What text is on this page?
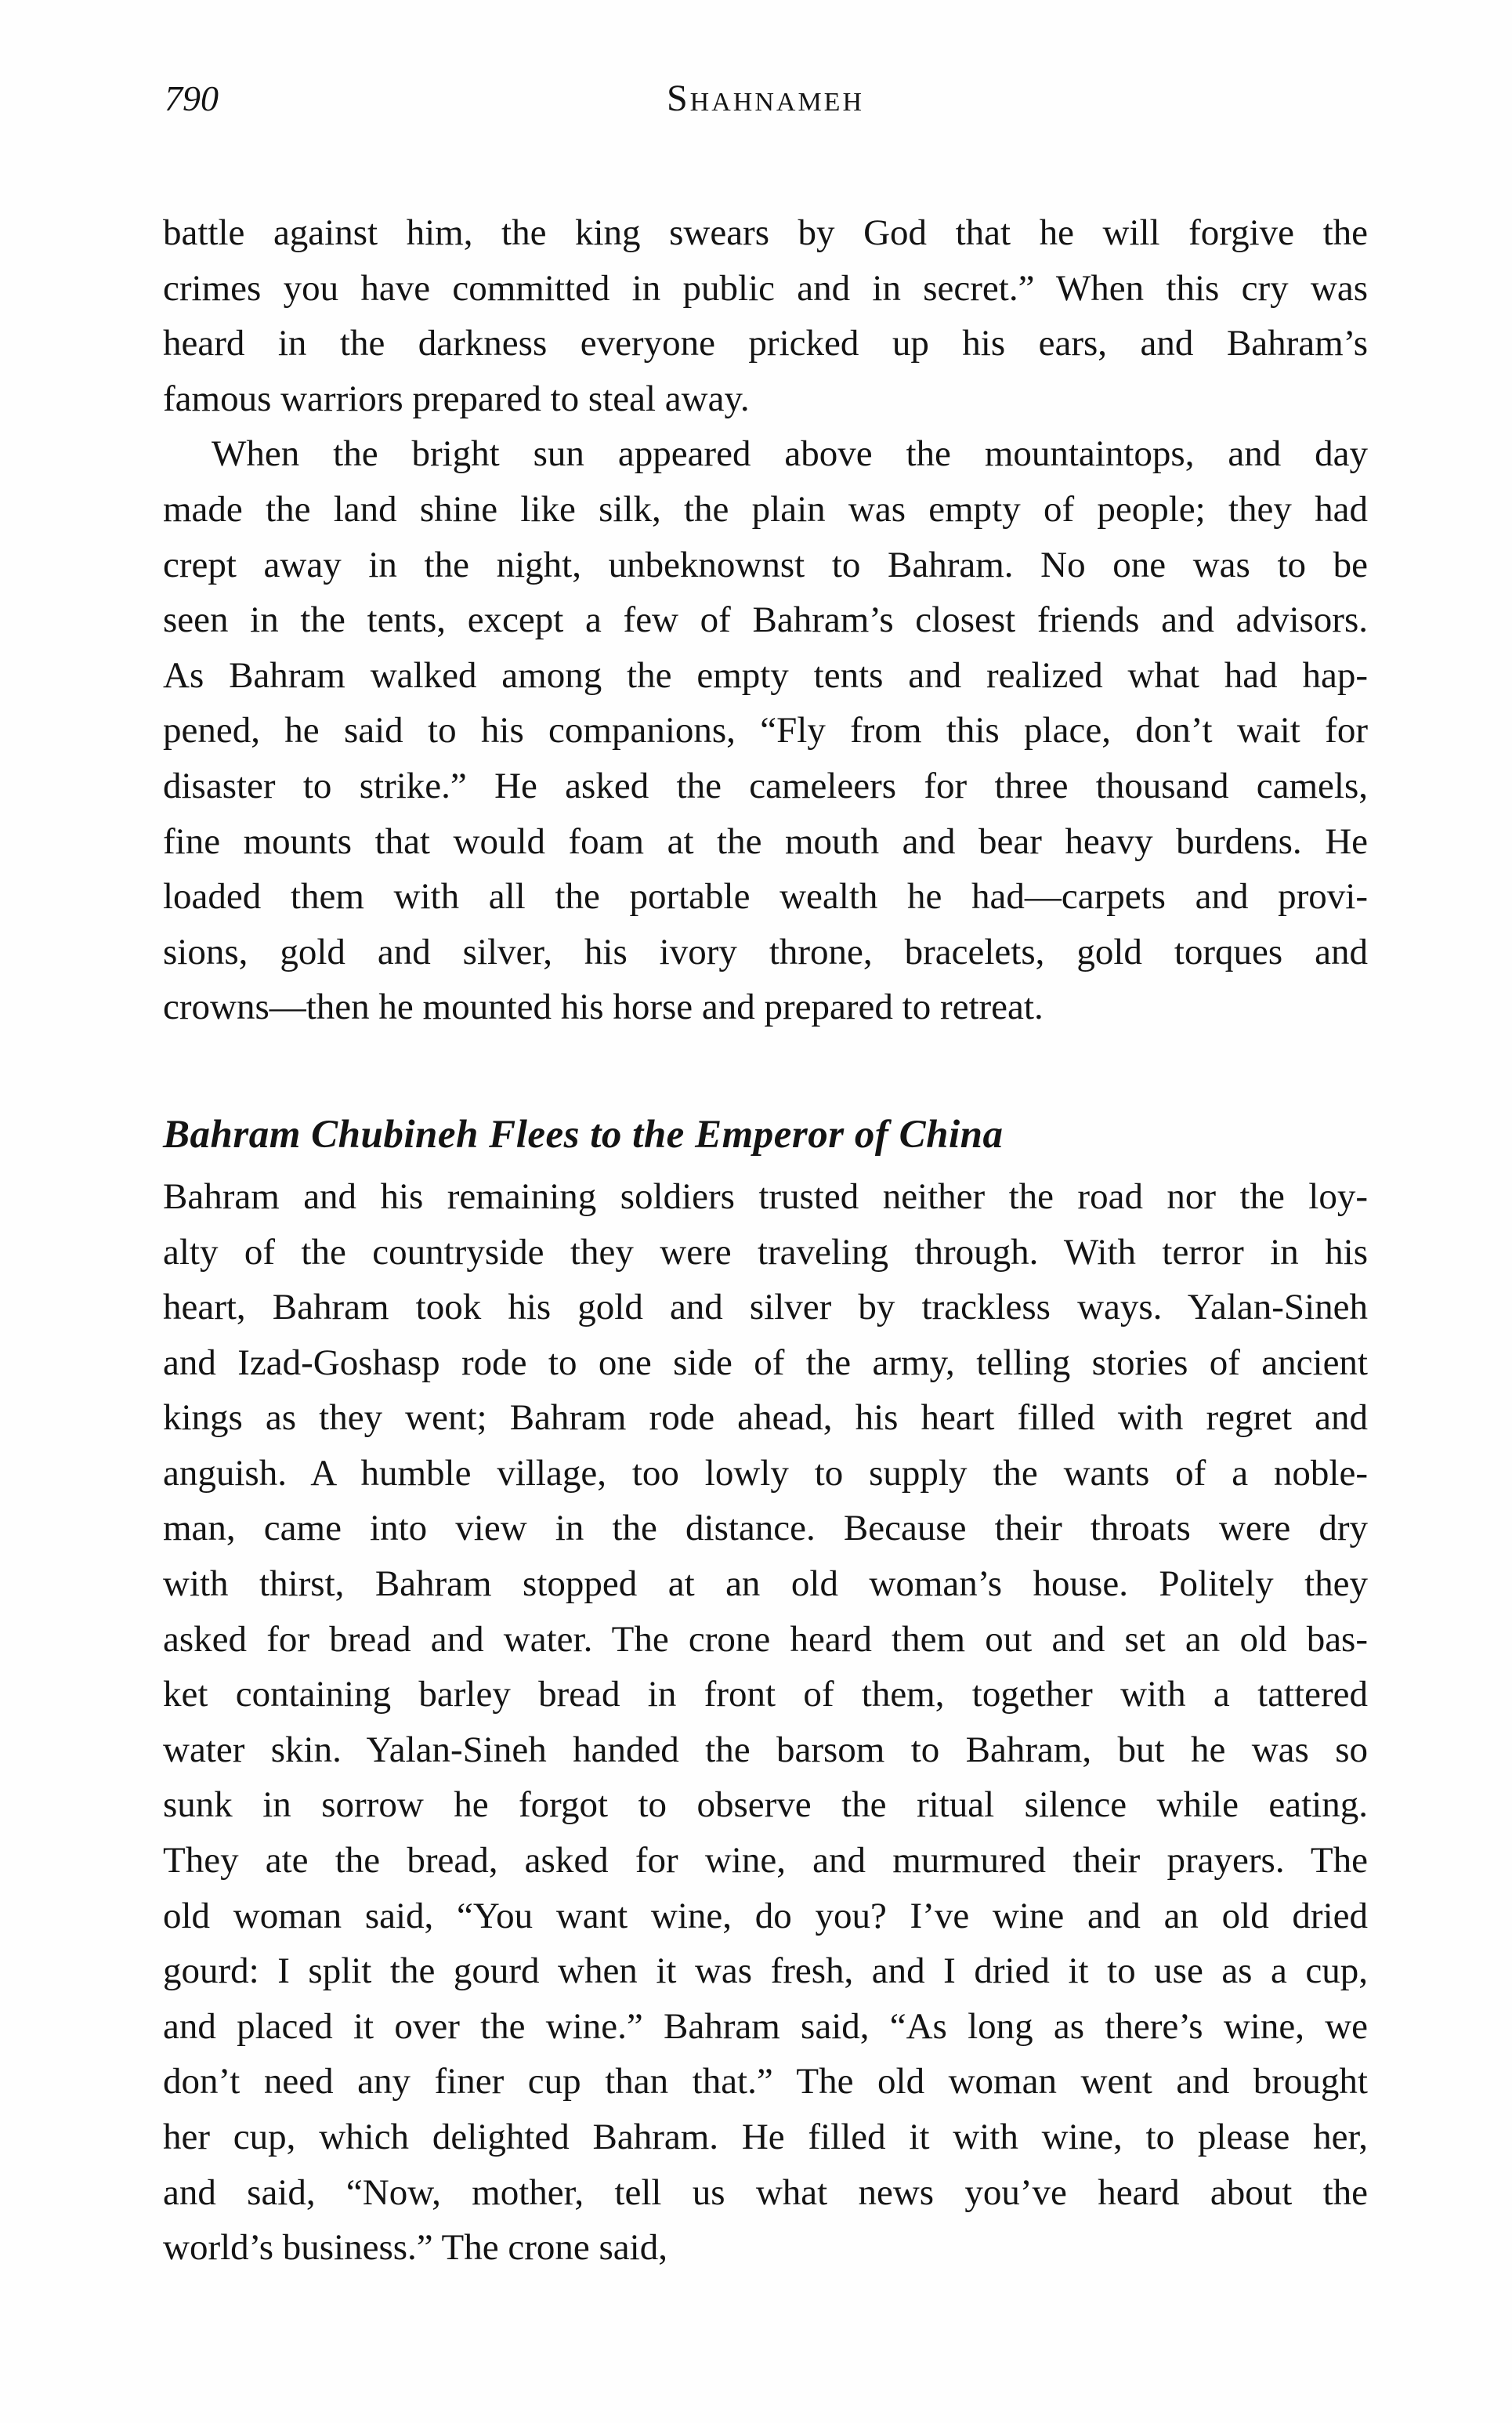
790	Shahnameh
battle against him, the king swears by God that he will forgive the
crimes you have committed in public and in secret.” When this cry was
heard in the darkness everyone pricked up his ears, and Bahram’s
famous warriors prepared to steal away.
When the bright sun appeared above the mountaintops, and day
made the land shine like silk, the plain was empty of people; they had
crept away in the night, unbeknownst to Bahram. No one was to be
seen in the tents, except a few of Bahram’s closest friends and advisors.
As Bahram walked among the empty tents and realized what had hap-
pened, he said to his companions, “Fly from this place, don’t wait for
disaster to strike.” He asked the cameleers for three thousand camels,
fine mounts that would foam at the mouth and bear heavy burdens. He
loaded them with all the portable wealth he had—carpets and provi-
sions, gold and silver, his ivory throne, bracelets, gold torques and
crowns—then he mounted his horse and prepared to retreat.
Bahram Chubineh Flees to the Emperor of China
Bahram and his remaining soldiers trusted neither the road nor the loy-
alty of the countryside they were traveling through. With terror in his
heart, Bahram took his gold and silver by trackless ways. Yalan-Sineh
and Izad-Goshasp rode to one side of the army, telling stories of ancient
kings as they went; Bahram rode ahead, his heart filled with regret and
anguish. A humble village, too lowly to supply the wants of a noble-
man, came into view in the distance. Because their throats were dry
with thirst, Bahram stopped at an old woman’s house. Politely they
asked for bread and water. The crone heard them out and set an old bas-
ket containing barley bread in front of them, together with a tattered
water skin. Yalan-Sineh handed the barsom to Bahram, but he was so
sunk in sorrow he forgot to observe the ritual silence while eating.
They ate the bread, asked for wine, and murmured their prayers. The
old woman said, “You want wine, do you? I’ve wine and an old dried
gourd: I split the gourd when it was fresh, and I dried it to use as a cup,
and placed it over the wine.” Bahram said, “As long as there’s wine, we
don’t need any finer cup than that.” The old woman went and brought
her cup, which delighted Bahram. He filled it with wine, to please her,
and said, “Now, mother, tell us what news you’ve heard about the
world’s business.” The crone said,
